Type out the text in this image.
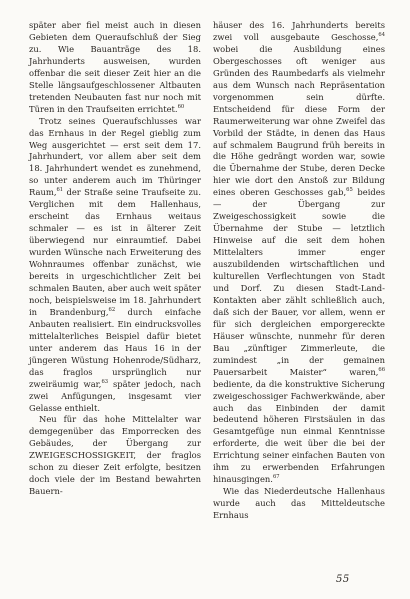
später aber fiel meist auch in diesen Gebieten dem Queraufschluß der Sieg zu. Wie Bauanträge des 18. Jahrhunderts ausweisen, wurden offenbar die seit dieser Zeit hier an die Stelle längsaufgeschlossener Altbauten tretenden Neubauten fast nur noch mit Türen in den Traufseiten errichtet.$^{60}$

Trotz seines Queraufschlusses war das Ernhaus in der Regel gieblig zum Weg ausgerichtet — erst seit dem 17. Jahrhundert, vor allem aber seit dem 18. Jahrhundert wendet es zunehmend, so unter anderem auch im Thüringer Raum,$^{61}$ der Straße seine Traufseite zu. Verglichen mit dem Hallenhaus, erscheint das Ernhaus weitaus schmaler — es ist in älterer Zeit überwiegend nur einraumtief. Dabei wurden Wünsche nach Erweiterung des Wohnraumes offenbar zunächst, wie bereits in urgeschichtlicher Zeit bei schmalen Bauten, aber auch weit später noch, beispielsweise im 18. Jahrhundert in Brandenburg,$^{62}$ durch einfache Anbauten realisiert. Ein eindrucksvolles mittelalterliches Beispiel dafür bietet unter anderem das Haus 16 in der jüngeren Wüstung Hohenrode/Südharz, das fraglos ursprünglich nur zweiräumig war,$^{63}$ später jedoch, nach zwei Anfügungen, insgesamt vier Gelasse enthielt.

Neu für das hohe Mittelalter war demgegenüber das Emporrecken des Gebäudes, der Übergang zur ZWEIGESCHOSSIGKEIT, der fraglos schon zu dieser Zeit erfolgte, besitzen doch viele der im Bestand bewahrten Bauern-

häuser des 16. Jahrhunderts bereits zwei voll ausgebaute Geschosse,$^{64}$ wobei die Ausbildung eines Obergeschosses oft weniger aus Gründen des Raumbedarfs als vielmehr aus dem Wunsch nach Repräsentation vorgenommen sein dürfte. Entscheidend für diese Form der Raumerweiterung war ohne Zweifel das Vorbild der Städte, in denen das Haus auf schmalem Baugrund früh bereits in die Höhe gedrängt worden war, sowie die Übernahme der Stube, deren Decke hier wie dort den Anstoß zur Bildung eines oberen Geschosses gab,$^{65}$ beides — der Übergang zur Zweigeschossigkeit sowie die Übernahme der Stube — letztlich Hinweise auf die seit dem hohen Mittelalters immer enger auszubildenden wirtschaftlichen und kulturellen Verflechtungen von Stadt und Dorf. Zu diesen Stadt-Land-Kontakten aber zählt schließlich auch, daß sich der Bauer, vor allem, wenn er für sich dergleichen emporgereckte Häuser wünschte, nunmehr für deren Bau „zünftiger Zimmerleute, die zumindest „in der gemainen Pauersarbeit Maister“ waren,$^{66}$ bediente, da die konstruktive Sicherung zweigeschossiger Fachwerkwände, aber auch das Einbinden der damit bedeutend höheren Firstsäulen in das Gesamtgefüge nun einmal Kenntnisse erforderte, die weit über die bei der Errichtung seiner einfachen Bauten von ihm zu erwerbenden Erfahrungen hinausgingen.$^{67}$

Wie das Niederdeutsche Hallenhaus wurde auch das Mitteldeutsche Ernhaus

55
